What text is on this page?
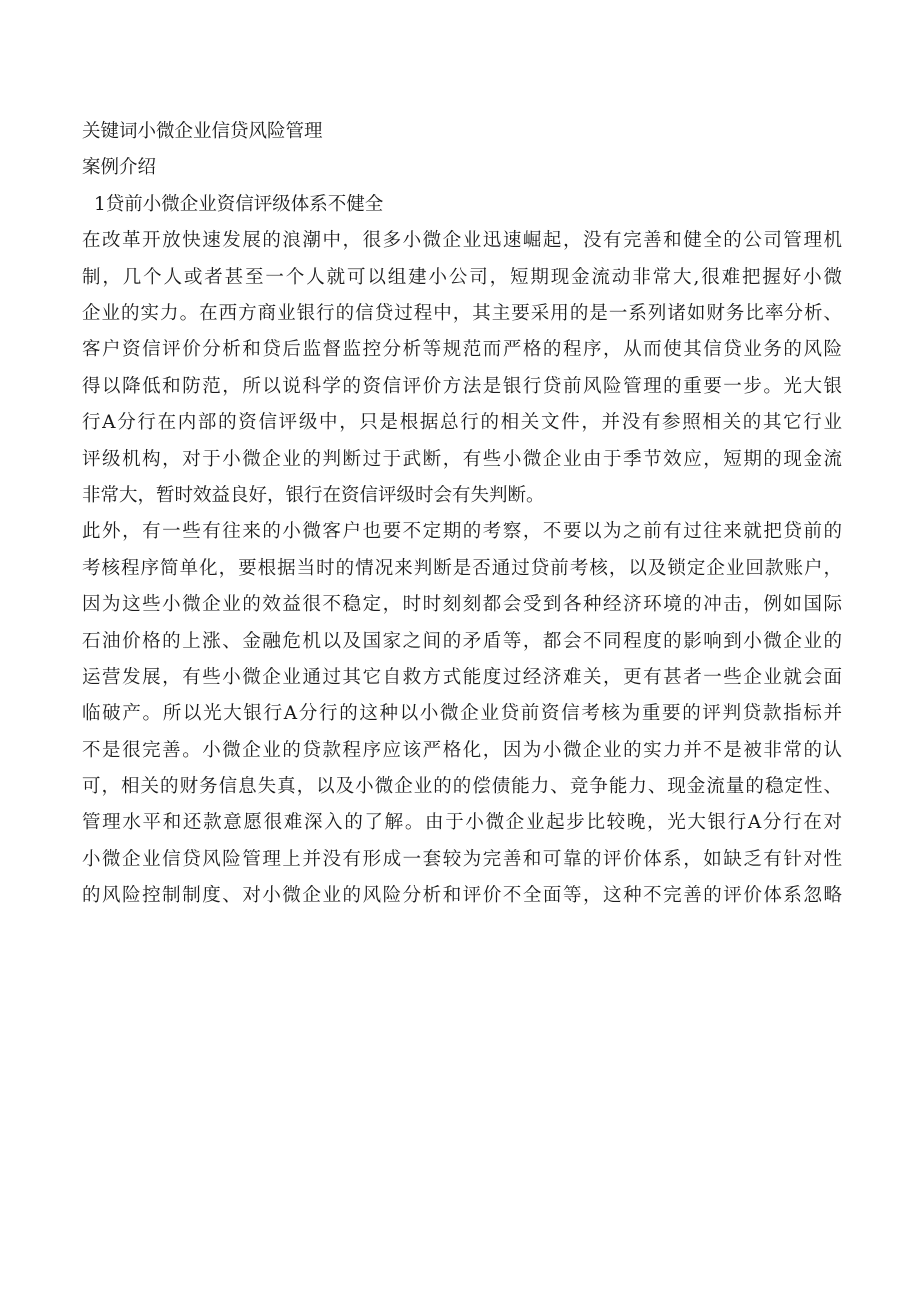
关键词小微企业信贷风险管理

案例介绍

1贷前小微企业资信评级体系不健全

在改革开放快速发展的浪潮中，很多小微企业迅速崛起，没有完善和健全的公司管理机

制，几个人或者甚至一个人就可以组建小公司，短期现金流动非常大,很难把握好小微

企业的实力。在西方商业银行的信贷过程中，其主要采用的是一系列诸如财务比率分析、

客户资信评价分析和贷后监督监控分析等规范而严格的程序，从而使其信贷业务的风险

得以降低和防范，所以说科学的资信评价方法是银行贷前风险管理的重要一步。光大银

行A分行在内部的资信评级中，只是根据总行的相关文件，并没有参照相关的其它行业

评级机构，对于小微企业的判断过于武断，有些小微企业由于季节效应，短期的现金流

非常大，暂时效益良好，银行在资信评级时会有失判断。

此外，有一些有往来的小微客户也要不定期的考察，不要以为之前有过往来就把贷前的

考核程序简单化，要根据当时的情况来判断是否通过贷前考核，以及锁定企业回款账户，

因为这些小微企业的效益很不稳定，时时刻刻都会受到各种经济环境的冲击，例如国际

石油价格的上涨、金融危机以及国家之间的矛盾等，都会不同程度的影响到小微企业的

运营发展，有些小微企业通过其它自救方式能度过经济难关，更有甚者一些企业就会面

临破产。所以光大银行A分行的这种以小微企业贷前资信考核为重要的评判贷款指标并

不是很完善。小微企业的贷款程序应该严格化，因为小微企业的实力并不是被非常的认

可，相关的财务信息失真，以及小微企业的的偿债能力、竞争能力、现金流量的稳定性、

管理水平和还款意愿很难深入的了解。由于小微企业起步比较晚，光大银行A分行在对

小微企业信贷风险管理上并没有形成一套较为完善和可靠的评价体系，如缺乏有针对性

的风险控制制度、对小微企业的风险分析和评价不全面等，这种不完善的评价体系忽略
